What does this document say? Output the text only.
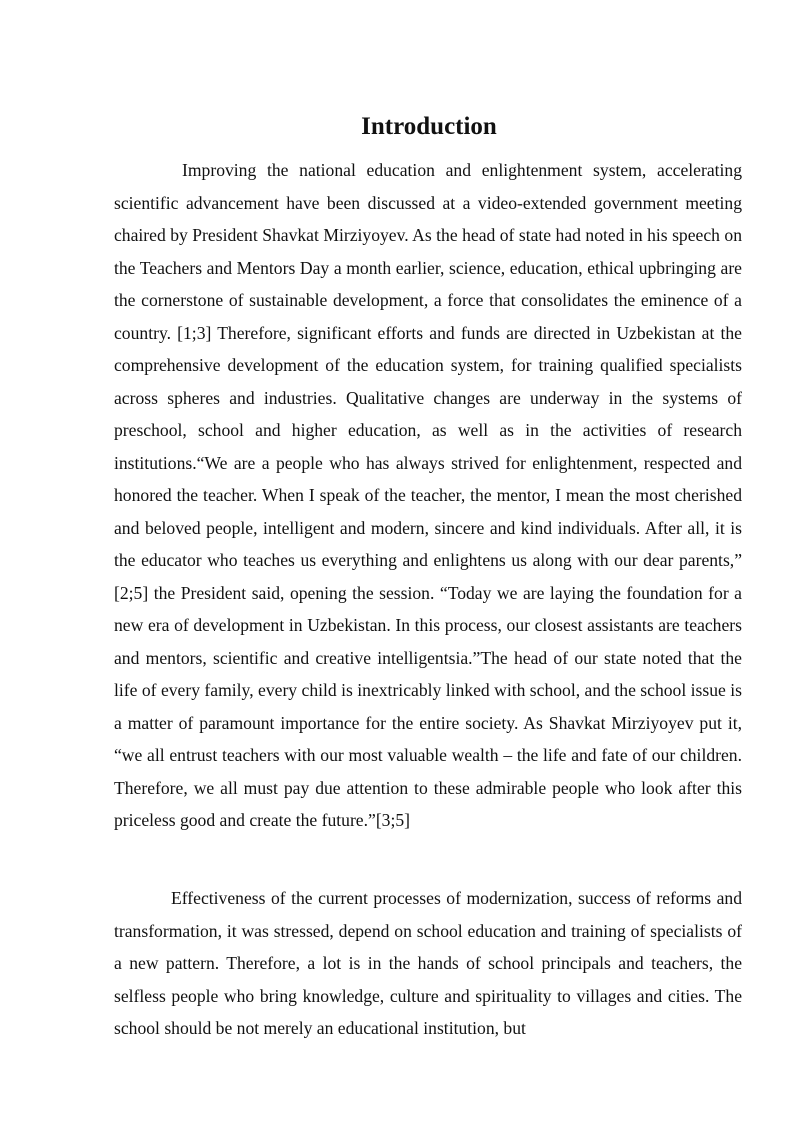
Introduction

Improving the national education and enlightenment system, accelerating scientific advancement have been discussed at a video-extended government meeting chaired by President Shavkat Mirziyoyev. As the head of state had noted in his speech on the Teachers and Mentors Day a month earlier, science, education, ethical upbringing are the cornerstone of sustainable development, a force that consolidates the eminence of a country. [1;3] Therefore, significant efforts and funds are directed in Uzbekistan at the comprehensive development of the education system, for training qualified specialists across spheres and industries. Qualitative changes are underway in the systems of preschool, school and higher education, as well as in the activities of research institutions.“We are a people who has always strived for enlightenment, respected and honored the teacher. When I speak of the teacher, the mentor, I mean the most cherished and beloved people, intelligent and modern, sincere and kind individuals. After all, it is the educator who teaches us everything and enlightens us along with our dear parents,” [2;5] the President said, opening the session. “Today we are laying the foundation for a new era of development in Uzbekistan. In this process, our closest assistants are teachers and mentors, scientific and creative intelligentsia.”The head of our state noted that the life of every family, every child is inextricably linked with school, and the school issue is a matter of paramount importance for the entire society. As Shavkat Mirziyoyev put it, “we all entrust teachers with our most valuable wealth – the life and fate of our children. Therefore, we all must pay due attention to these admirable people who look after this priceless good and create the future.”[3;5]

Effectiveness of the current processes of modernization, success of reforms and transformation, it was stressed, depend on school education and training of specialists of a new pattern. Therefore, a lot is in the hands of school principals and teachers, the selfless people who bring knowledge, culture and spirituality to villages and cities. The school should be not merely an educational institution, but
